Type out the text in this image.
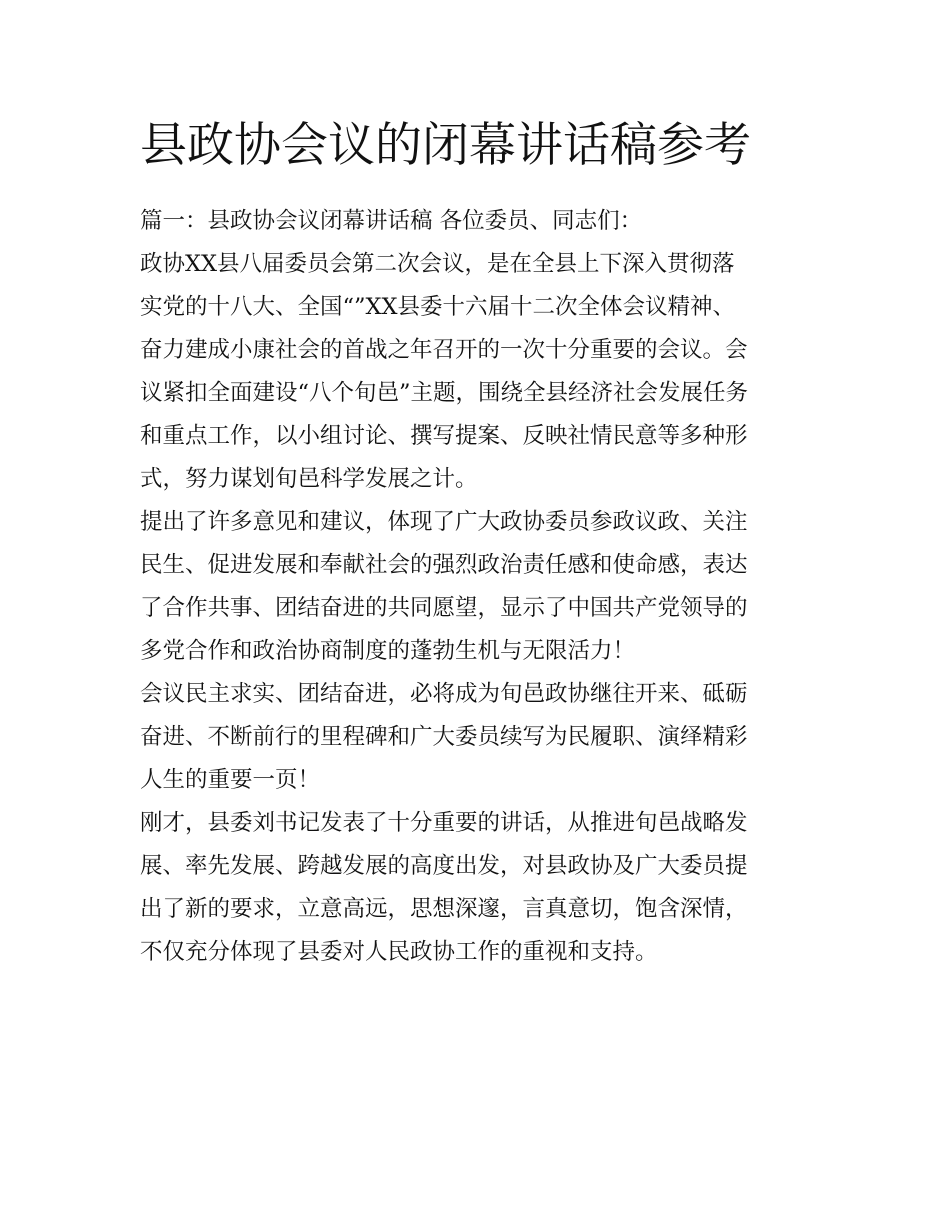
县政协会议的闭幕讲话稿参考

篇一：县政协会议闭幕讲话稿 各位委员、同志们：

政协XX县八届委员会第二次会议，是在全县上下深入贯彻落
实党的十八大、全国“”XX县委十六届十二次全体会议精神、
奋力建成小康社会的首战之年召开的一次十分重要的会议。会
议紧扣全面建设“八个旬邑”主题，围绕全县经济社会发展任务
和重点工作，以小组讨论、撰写提案、反映社情民意等多种形
式，努力谋划旬邑科学发展之计。

提出了许多意见和建议，体现了广大政协委员参政议政、关注
民生、促进发展和奉献社会的强烈政治责任感和使命感，表达
了合作共事、团结奋进的共同愿望，显示了中国共产党领导的
多党合作和政治协商制度的蓬勃生机与无限活力！

会议民主求实、团结奋进，必将成为旬邑政协继往开来、砥砺
奋进、不断前行的里程碑和广大委员续写为民履职、演绎精彩
人生的重要一页！

刚才，县委刘书记发表了十分重要的讲话，从推进旬邑战略发
展、率先发展、跨越发展的高度出发，对县政协及广大委员提
出了新的要求，立意高远，思想深邃，言真意切，饱含深情，
不仅充分体现了县委对人民政协工作的重视和支持。
